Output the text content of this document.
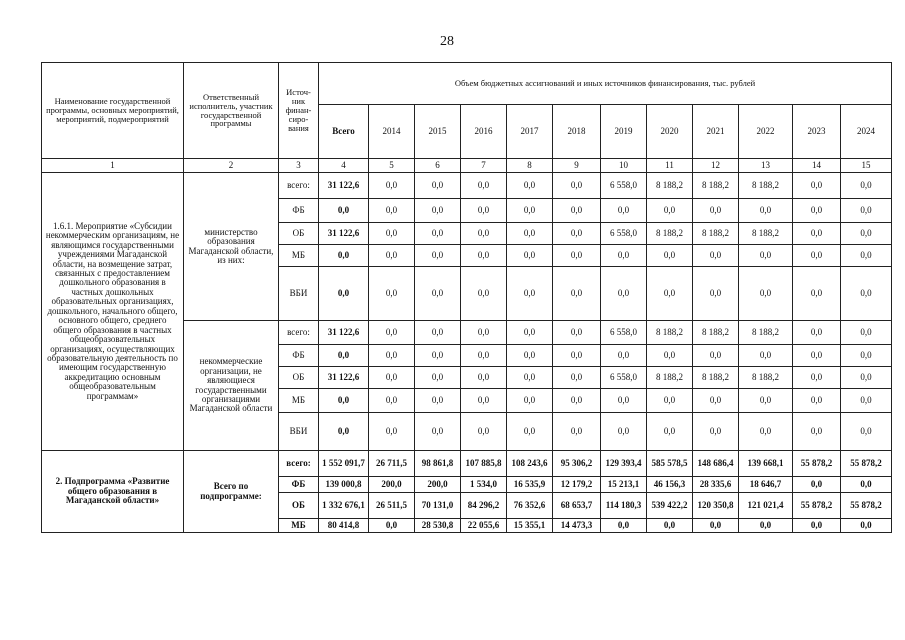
28
Наименование государственной программы, основных мероприятий, мероприятий, подмероприятий	Ответственный исполнитель, участник государственной программы	Источ-ник финан-сиро-вания	Объем бюджетных ассигнований и иных источников финансирования, тыс. рублей											
			Всего	2014	2015	2016	2017	2018	2019	2020	2021	2022	2023	2024
1	2	3	4	5	6	7	8	9	10	11	12	13	14	15
1.6.1. Мероприятие «Субсидии некоммерческим организациям, не являющимся государственными учреждениями Магаданской области, на возмещение затрат, связанных с предоставлением дошкольного образования в частных дошкольных образовательных организациях, дошкольного, начального общего, основного общего, среднего общего образования в частных общеобразовательных организациях, осуществляющих образовательную деятельность по имеющим государственную аккредитацию основным общеобразовательным программам»	министерство образования Магаданской области, из них:	всего:	31 122,6	0,0	0,0	0,0	0,0	0,0	6 558,0	8 188,2	8 188,2	8 188,2	0,0	0,0
		ФБ	0,0	0,0	0,0	0,0	0,0	0,0	0,0	0,0	0,0	0,0	0,0	0,0
		ОБ	31 122,6	0,0	0,0	0,0	0,0	0,0	6 558,0	8 188,2	8 188,2	8 188,2	0,0	0,0
		МБ	0,0	0,0	0,0	0,0	0,0	0,0	0,0	0,0	0,0	0,0	0,0	0,0
		ВБИ	0,0	0,0	0,0	0,0	0,0	0,0	0,0	0,0	0,0	0,0	0,0	0,0
	некоммерческие организации, не являющиеся государственными организациями Магаданской области	всего:	31 122,6	0,0	0,0	0,0	0,0	0,0	6 558,0	8 188,2	8 188,2	8 188,2	0,0	0,0
		ФБ	0,0	0,0	0,0	0,0	0,0	0,0	0,0	0,0	0,0	0,0	0,0	0,0
		ОБ	31 122,6	0,0	0,0	0,0	0,0	0,0	6 558,0	8 188,2	8 188,2	8 188,2	0,0	0,0
		МБ	0,0	0,0	0,0	0,0	0,0	0,0	0,0	0,0	0,0	0,0	0,0	0,0
		ВБИ	0,0	0,0	0,0	0,0	0,0	0,0	0,0	0,0	0,0	0,0	0,0	0,0
2. Подпрограмма «Развитие общего образования в Магаданской области»	Всего по подпрограмме:	всего:	1 552 091,7	26 711,5	98 861,8	107 885,8	108 243,6	95 306,2	129 393,4	585 578,5	148 686,4	139 668,1	55 878,2	55 878,2
		ФБ	139 000,8	200,0	200,0	1 534,0	16 535,9	12 179,2	15 213,1	46 156,3	28 335,6	18 646,7	0,0	0,0
		ОБ	1 332 676,1	26 511,5	70 131,0	84 296,2	76 352,6	68 653,7	114 180,3	539 422,2	120 350,8	121 021,4	55 878,2	55 878,2
		МБ	80 414,8	0,0	28 530,8	22 055,6	15 355,1	14 473,3	0,0	0,0	0,0	0,0	0,0	0,0
